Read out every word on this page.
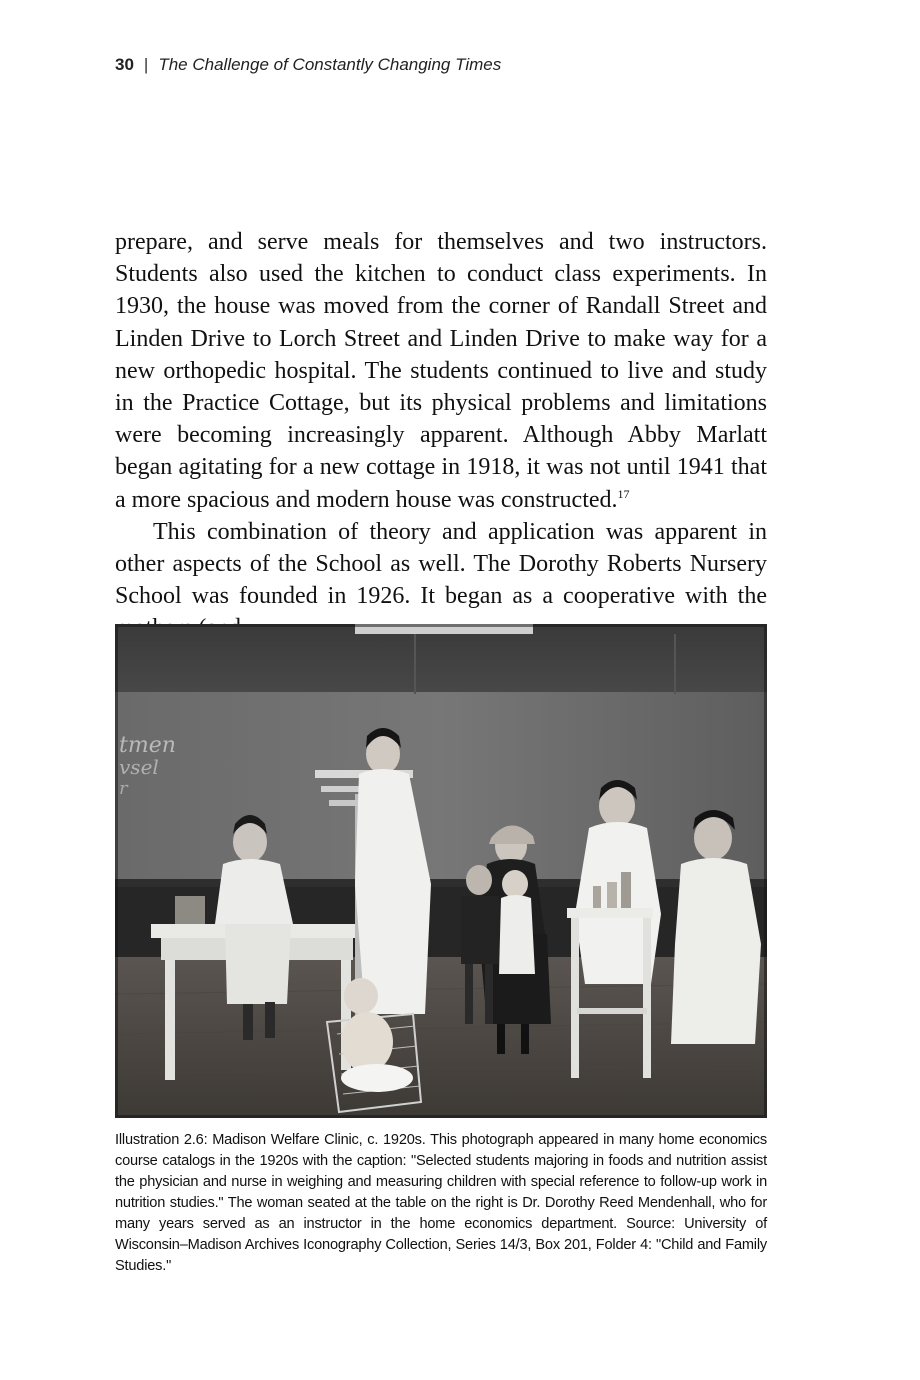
30 | The Challenge of Constantly Changing Times

prepare, and serve meals for themselves and two instructors. Students also used the kitchen to conduct class experiments. In 1930, the house was moved from the corner of Randall Street and Linden Drive to Lorch Street and Linden Drive to make way for a new orthopedic hospital. The students continued to live and study in the Practice Cottage, but its physical problems and limitations were becoming increasingly apparent. Although Abby Marlatt began agitating for a new cottage in 1918, it was not until 1941 that a more spacious and modern house was constructed.$^{17}$

This combination of theory and application was apparent in other aspects of the School as well. The Dorothy Roberts Nursery School was founded in 1926. It began as a cooperative with the

tmen
vsel
r
Illustration 2.6: Madison Welfare Clinic, c. 1920s. This photograph appeared in many home economics course catalogs in the 1920s with the caption: "Selected students majoring in foods and nutrition assist the physician and nurse in weighing and measuring children with special reference to follow-up work in nutrition studies." The woman seated at the table on the right is Dr. Dorothy Reed Mendenhall, who for many years served as an instructor in the home economics department. Source: University of Wisconsin–Madison Archives Iconography Collection, Series 14/3, Box 201, Folder 4: "Child and Family Studies."
